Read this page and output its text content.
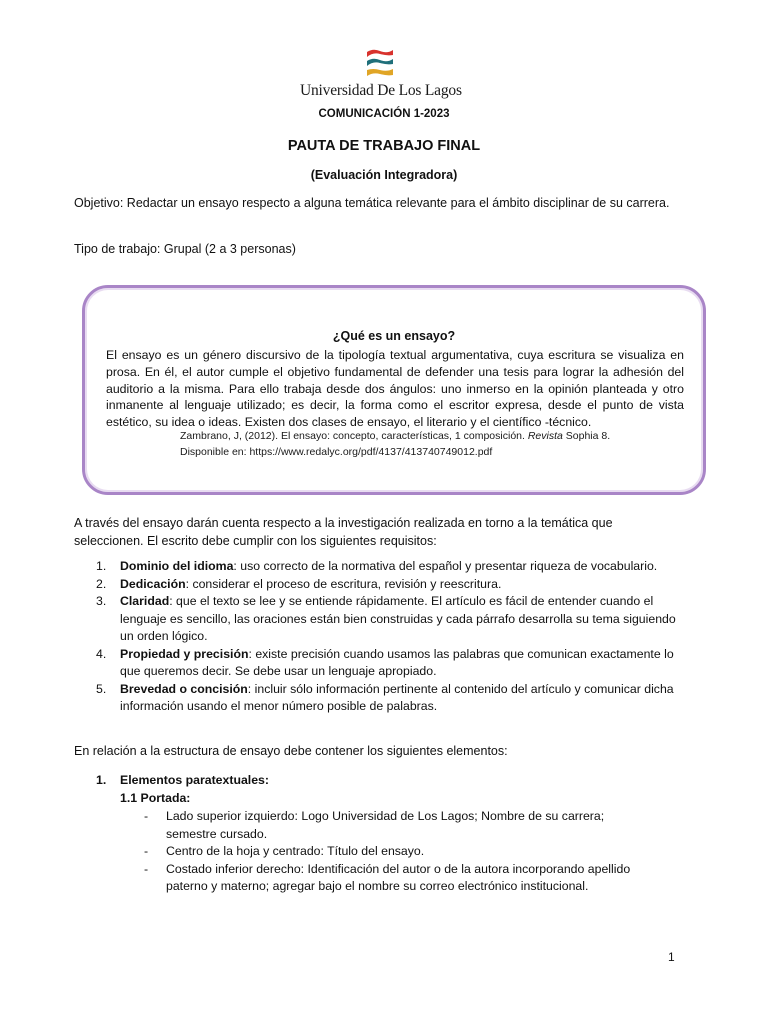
Universidad De Los Lagos
COMUNICACIÓN 1-2023
PAUTA DE TRABAJO FINAL
(Evaluación Integradora)
Objetivo: Redactar un ensayo respecto a alguna temática relevante para el ámbito disciplinar de su carrera.
Tipo de trabajo: Grupal (2 a 3 personas)
¿Qué es un ensayo?
El ensayo es un género discursivo de la tipología textual argumentativa, cuya escritura se visualiza en prosa. En él, el autor cumple el objetivo fundamental de defender una tesis para lograr la adhesión del auditorio a la misma. Para ello trabaja desde dos ángulos: uno inmerso en la opinión planteada y otro inmanente al lenguaje utilizado; es decir, la forma como el escritor expresa, desde el punto de vista estético, su idea o ideas. Existen dos clases de ensayo, el literario y el científico -técnico.
Zambrano, J, (2012). El ensayo: concepto, características, 1 composición. Revista Sophia 8.
Disponible en: https://www.redalyc.org/pdf/4137/413740749012.pdf
A través del ensayo darán cuenta respecto a la investigación realizada en torno a la temática que seleccionen. El escrito debe cumplir con los siguientes requisitos:
1. Dominio del idioma: uso correcto de la normativa del español y presentar riqueza de vocabulario.
2. Dedicación: considerar el proceso de escritura, revisión y reescritura.
3. Claridad: que el texto se lee y se entiende rápidamente. El artículo es fácil de entender cuando el lenguaje es sencillo, las oraciones están bien construidas y cada párrafo desarrolla su tema siguiendo un orden lógico.
4. Propiedad y precisión: existe precisión cuando usamos las palabras que comunican exactamente lo que queremos decir. Se debe usar un lenguaje apropiado.
5. Brevedad o concisión: incluir sólo información pertinente al contenido del artículo y comunicar dicha información usando el menor número posible de palabras.
En relación a la estructura de ensayo debe contener los siguientes elementos:
1. Elementos paratextuales:
1.1 Portada:
- Lado superior izquierdo: Logo Universidad de Los Lagos; Nombre de su carrera; semestre cursado.
- Centro de la hoja y centrado: Título del ensayo.
- Costado inferior derecho: Identificación del autor o de la autora incorporando apellido paterno y materno; agregar bajo el nombre su correo electrónico institucional.
1
